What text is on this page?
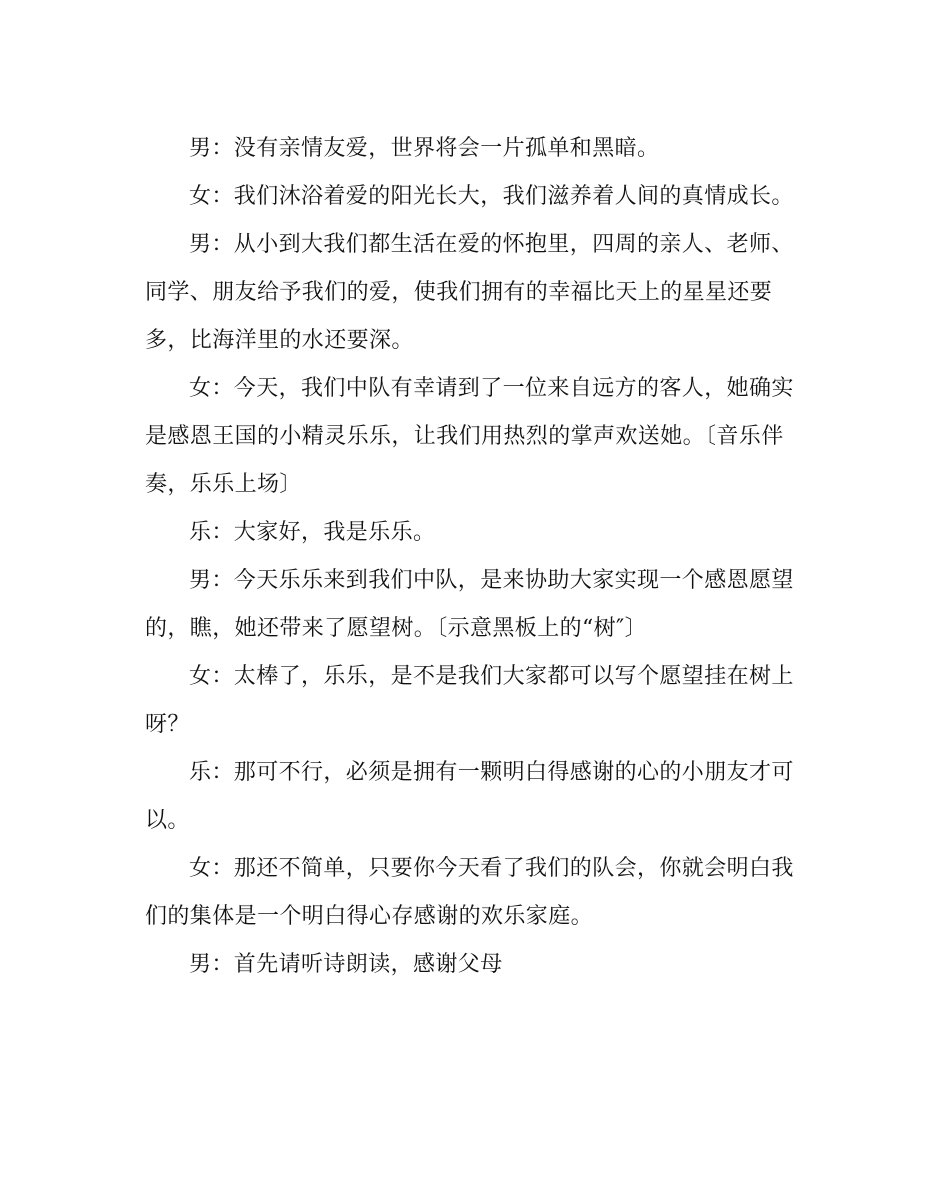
男：没有亲情友爱，世界将会一片孤单和黑暗。

女：我们沐浴着爱的阳光长大，我们滋养着人间的真情成长。

男：从小到大我们都生活在爱的怀抱里，四周的亲人、老师、同学、朋友给予我们的爱，使我们拥有的幸福比天上的星星还要多，比海洋里的水还要深。

女：今天，我们中队有幸请到了一位来自远方的客人，她确实是感恩王国的小精灵乐乐，让我们用热烈的掌声欢送她。〔音乐伴奏，乐乐上场〕

乐：大家好，我是乐乐。

男：今天乐乐来到我们中队，是来协助大家实现一个感恩愿望的，瞧，她还带来了愿望树。〔示意黑板上的“树″〕

女：太棒了，乐乐，是不是我们大家都可以写个愿望挂在树上呀？

乐：那可不行，必须是拥有一颗明白得感谢的心的小朋友才可以。

女：那还不简单，只要你今天看了我们的队会，你就会明白我们的集体是一个明白得心存感谢的欢乐家庭。

男：首先请听诗朗读，感谢父母
